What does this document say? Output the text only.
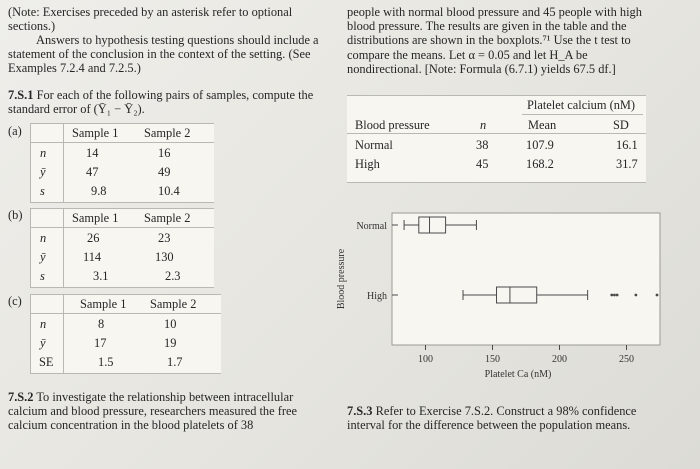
(Note: Exercises preceded by an asterisk refer to optional sections.)
Answers to hypothesis testing questions should include a statement of the conclusion in the context of the setting. (See Examples 7.2.4 and 7.2.5.)
7.S.1 For each of the following pairs of samples, compute the standard error of (Ȳ₁ − Ȳ₂).
(a)	Sample 1 Sample 2
n	14	16
ȳ	47	49
s	9.8	10.4
(b)	Sample 1 Sample 2
n	26	23
ȳ	114	130
s	3.1	2.3
(c)	Sample 1 Sample 2
n	8	10
ȳ	17	19
SE	1.5	1.7
7.S.2 To investigate the relationship between intracellular calcium and blood pressure, researchers measured the free calcium concentration in the blood platelets of 38
people with normal blood pressure and 45 people with high blood pressure. The results are given in the table and the distributions are shown in the boxplots.⁷¹ Use the t test to compare the means. Let α = 0.05 and let H_A be nondirectional. [Note: Formula (6.7.1) yields 67.5 df.]
Platelet calcium (nM)
Blood pressure	n	Mean	SD
Normal	38	107.9	16.1
High	45	168.2	31.7
Blood pressure
100	150	200	250
Platelet Ca (nM)
Normal
High
7.S.3 Refer to Exercise 7.S.2. Construct a 98% confidence interval for the difference between the population means.
